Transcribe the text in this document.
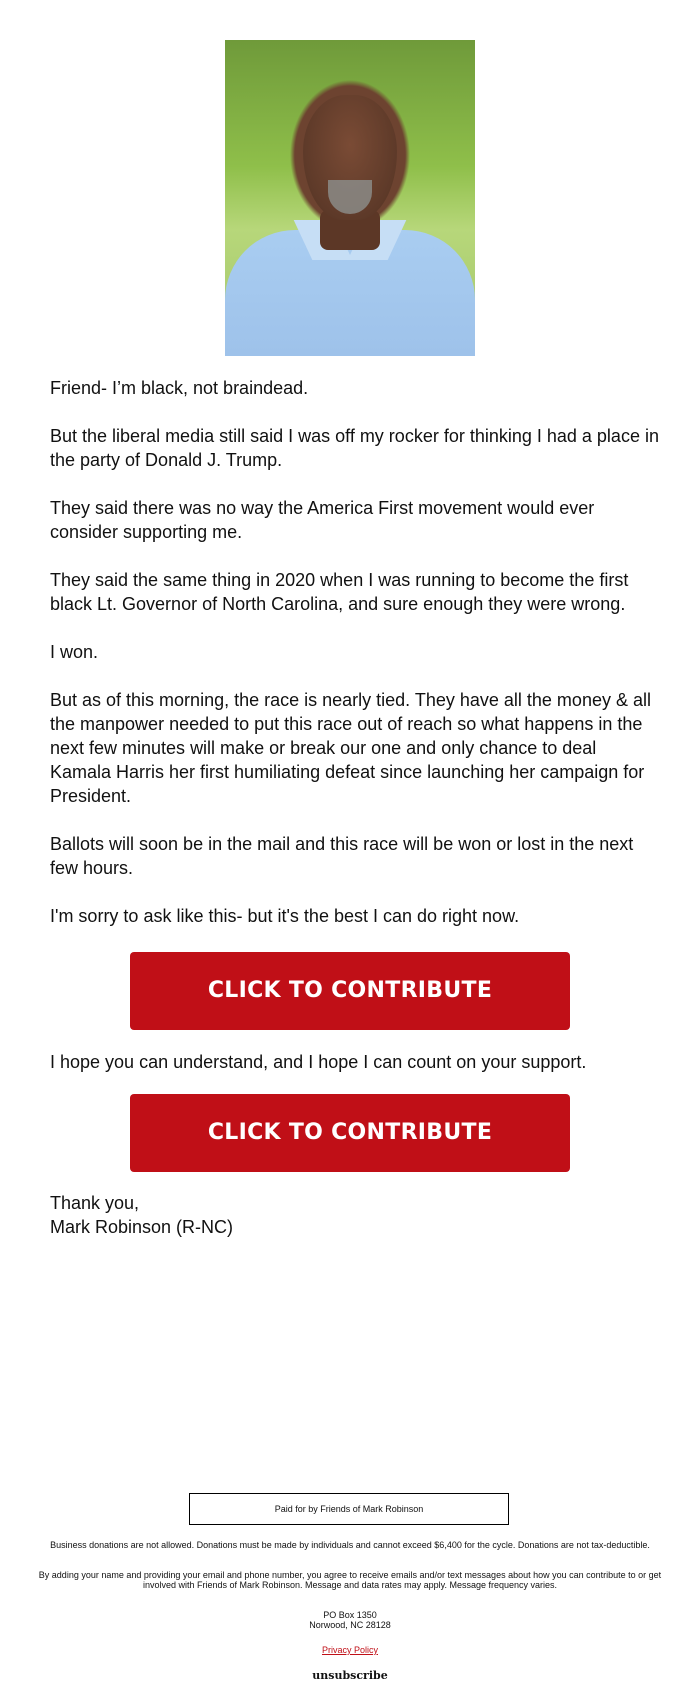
Friend- I’m black, not braindead.

But the liberal media still said I was off my rocker for thinking I had a place in the party of Donald J. Trump.

They said there was no way the America First movement would ever consider supporting me.

They said the same thing in 2020 when I was running to become the first black Lt. Governor of North Carolina, and sure enough they were wrong.

I won.

But as of this morning, the race is nearly tied. They have all the money & all the manpower needed to put this race out of reach so what happens in the next few minutes will make or break our one and only chance to deal Kamala Harris her first humiliating defeat since launching her campaign for President.

Ballots will soon be in the mail and this race will be won or lost in the next few hours.

I'm sorry to ask like this- but it's the best I can do right now.

CLICK TO CONTRIBUTE
I hope you can understand, and I hope I can count on your support.
CLICK TO CONTRIBUTE
Thank you,
Mark Robinson (R-NC)
Paid for by Friends of Mark Robinson
Business donations are not allowed. Donations must be made by individuals and cannot exceed $6,400 for the cycle. Donations are not tax-deductible.
By adding your name and providing your email and phone number, you agree to receive emails and/or text messages about how you can contribute to or get involved with Friends of Mark Robinson. Message and data rates may apply. Message frequency varies.
PO Box 1350
Norwood, NC 28128
Privacy Policy
unsubscribe
